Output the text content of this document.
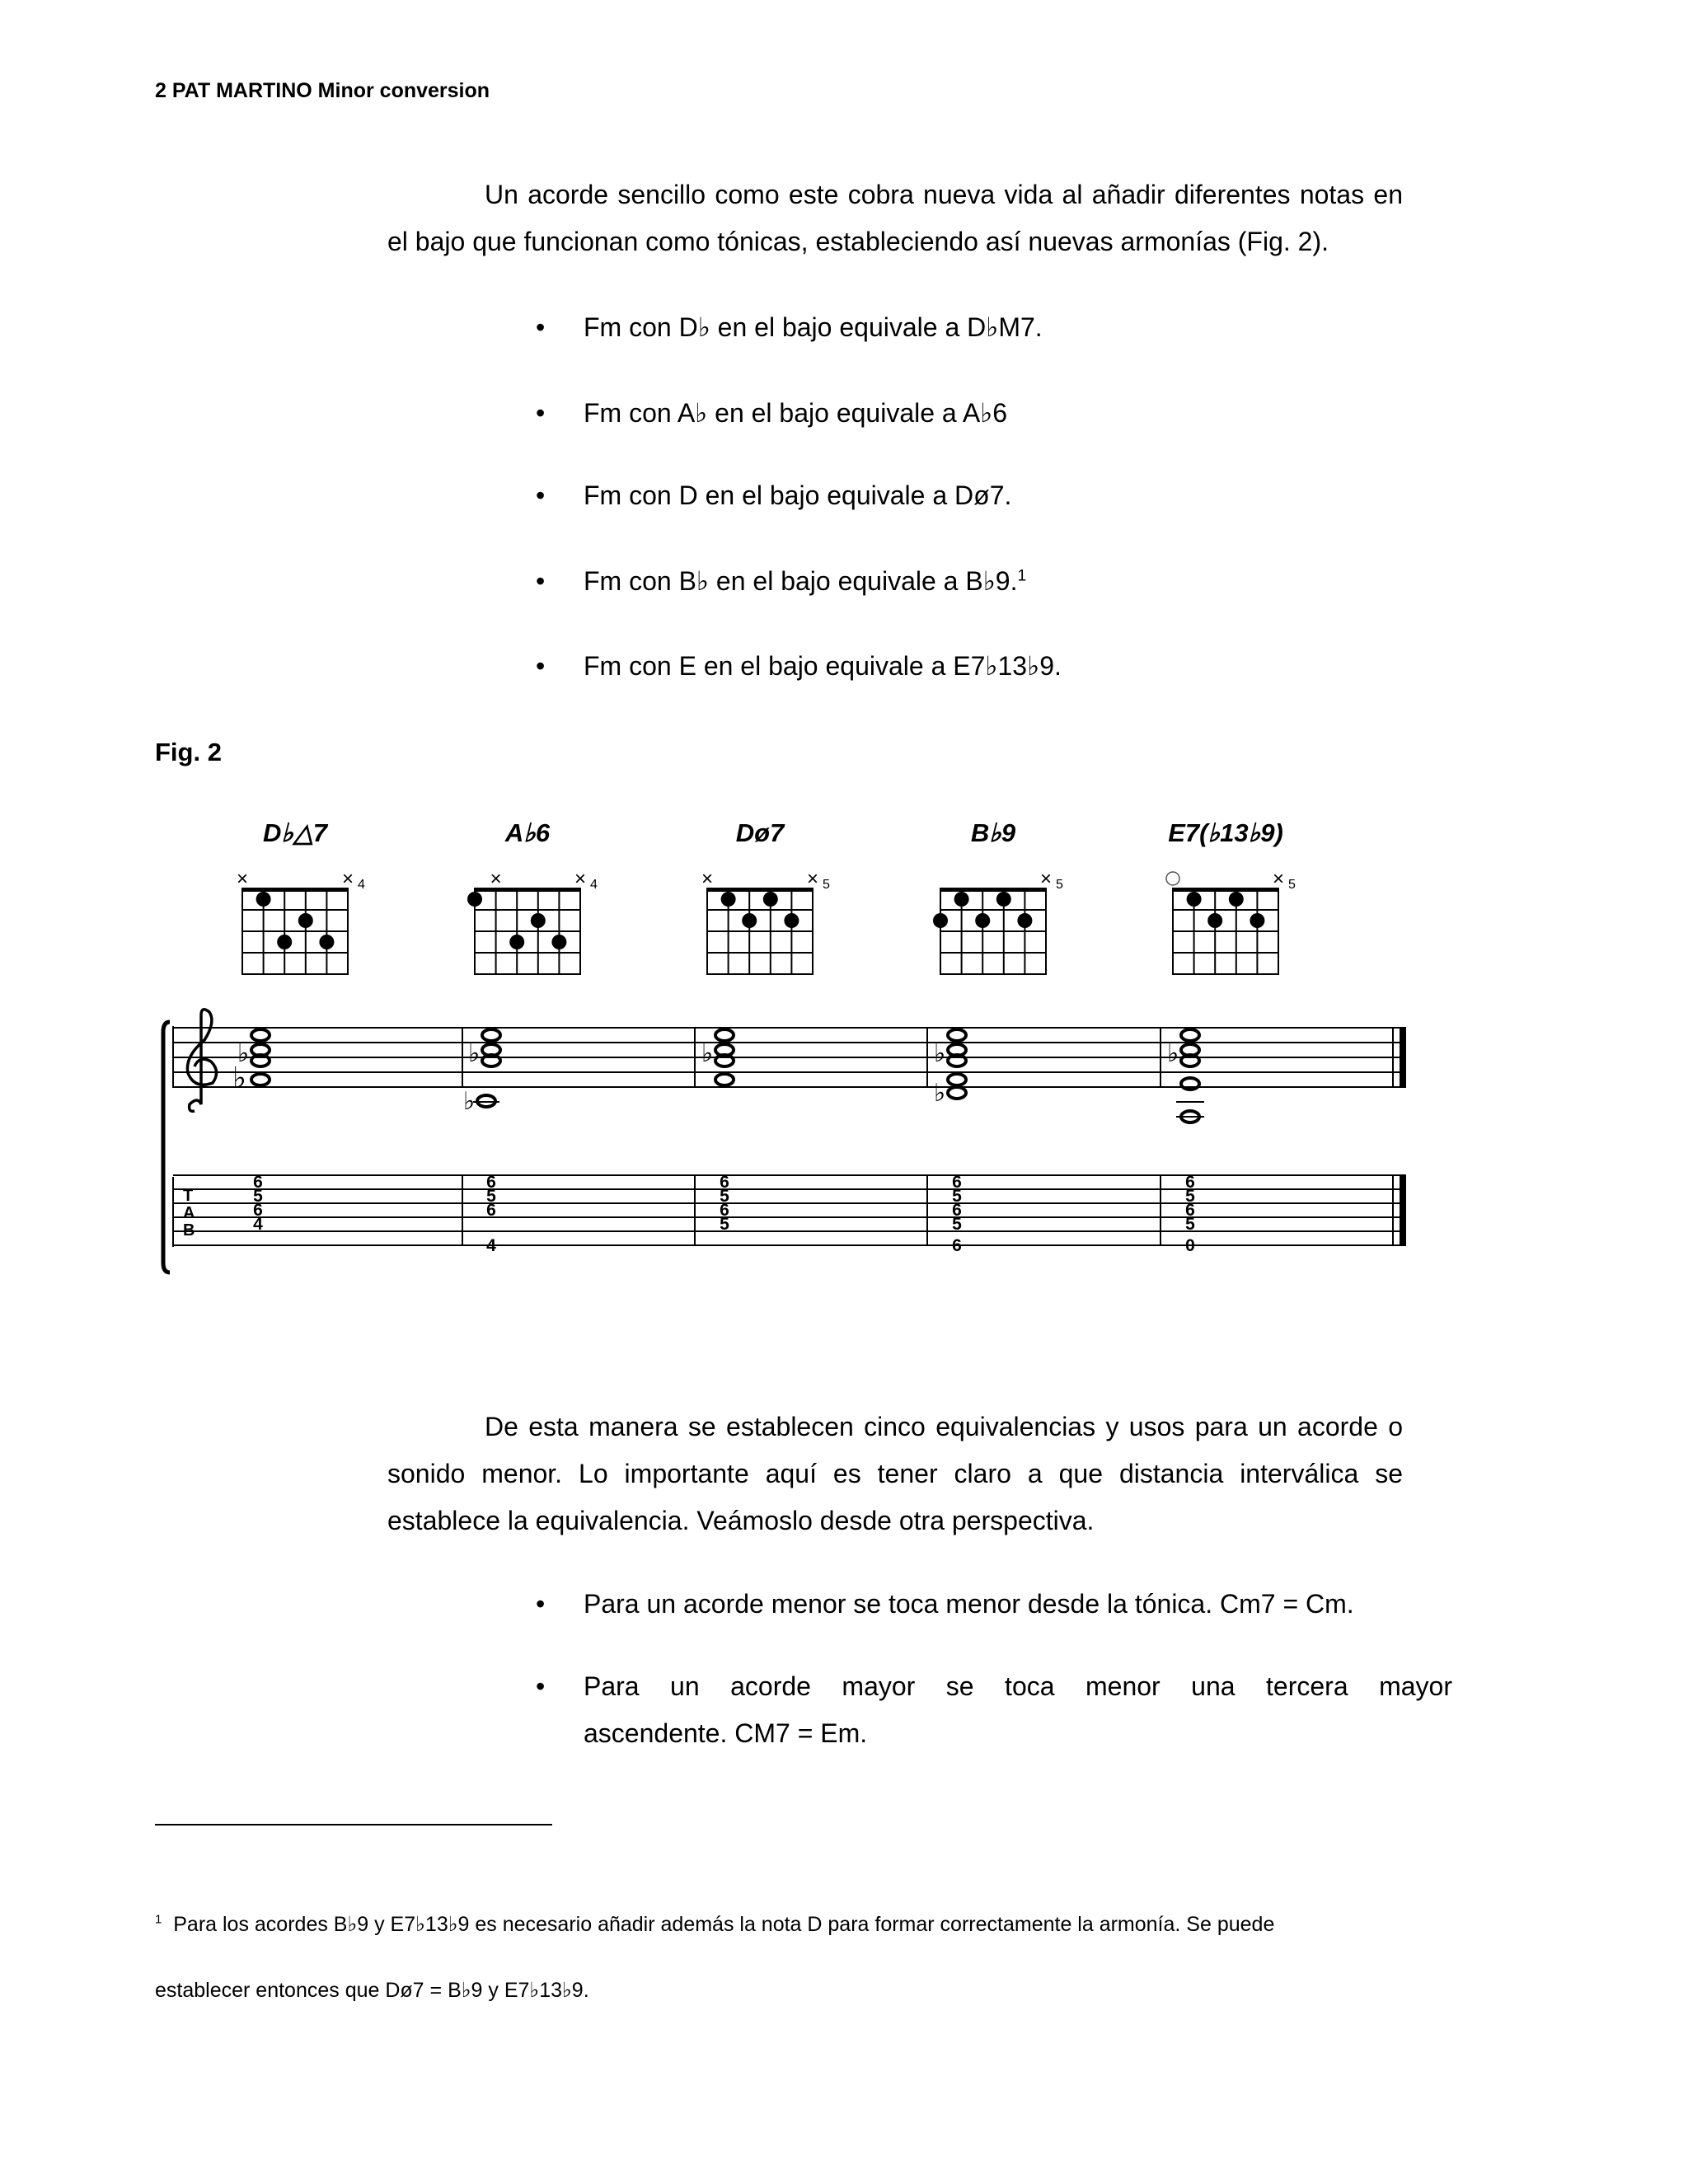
2 PAT MARTINO Minor conversion
Un acorde sencillo como este cobra nueva vida al añadir diferentes notas en el bajo que funcionan como tónicas, estableciendo así nuevas armonías (Fig. 2).
• Fm con D♭ en el bajo equivale a D♭M7.
• Fm con A♭ en el bajo equivale a A♭6
• Fm con D en el bajo equivale a Dø7.
• Fm con B♭ en el bajo equivale a B♭9.$^1$
• Fm con E en el bajo equivale a E7♭13♭9.
Fig. 2
D♭△7	A♭6	Dø7	B♭9	E7(♭13♭9)
×	× 4	×	× 4	×	× 5	× 5	× 5
♭
♭	♭
♭
♭	♭
♭
♭
T
A
B
6
5
6
4
6
5
6
4
6
5
6
5
6
5
6
5
6
6
5
6
5
0
De esta manera se establecen cinco equivalencias y usos para un acorde o sonido menor. Lo importante aquí es tener claro a que distancia interválica se establece la equivalencia. Veámoslo desde otra perspectiva.
• Para un acorde menor se toca menor desde la tónica. Cm7 = Cm.
• Para un acorde mayor se toca menor una tercera mayor
ascendente. CM7 = Em.
$^1$ Para los acordes B♭9 y E7♭13♭9 es necesario añadir además la nota D para formar correctamente la armonía. Se puede
establecer entonces que Dø7 = B♭9 y E7♭13♭9.
